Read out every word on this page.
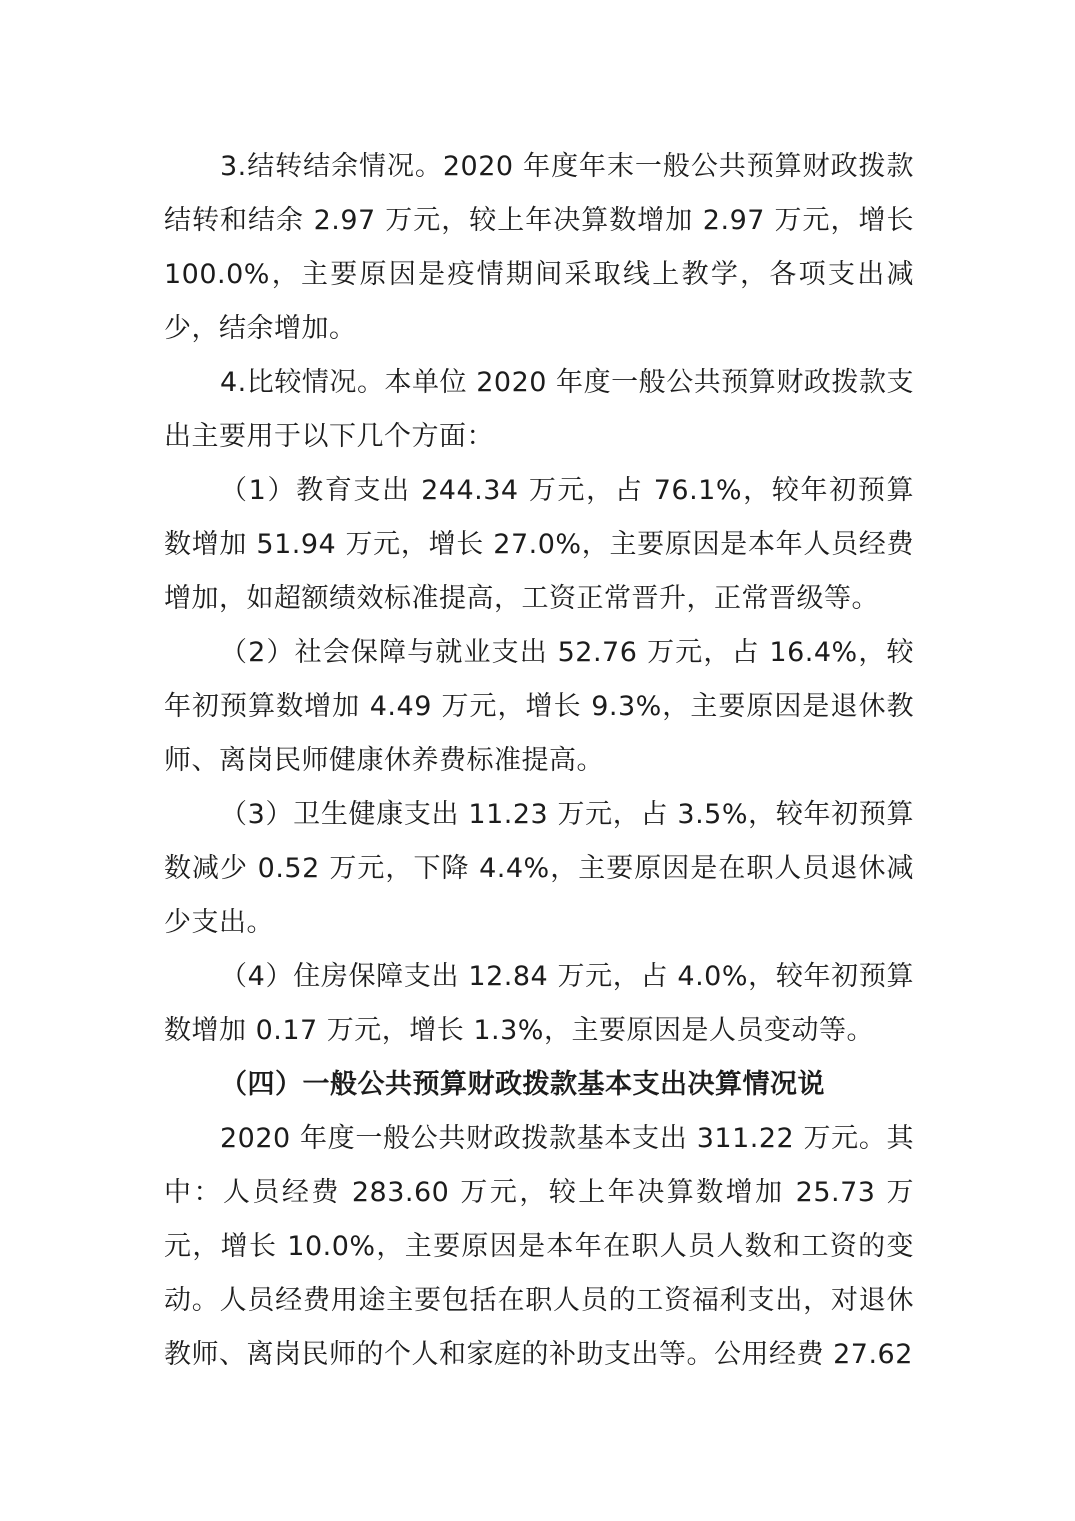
3.结转结余情况。2020 年度年末一般公共预算财政拨款结转和结余 2.97 万元，较上年决算数增加 2.97 万元，增长100.0%，主要原因是疫情期间采取线上教学，各项支出减少，结余增加。

4.比较情况。本单位 2020 年度一般公共预算财政拨款支出主要用于以下几个方面：

（1）教育支出 244.34 万元，占 76.1%，较年初预算数增加 51.94 万元，增长 27.0%，主要原因是本年人员经费增加，如超额绩效标准提高，工资正常晋升，正常晋级等。

（2）社会保障与就业支出 52.76 万元，占 16.4%，较年初预算数增加 4.49 万元，增长 9.3%，主要原因是退休教师、离岗民师健康休养费标准提高。

（3）卫生健康支出 11.23 万元，占 3.5%，较年初预算数减少 0.52 万元，下降 4.4%，主要原因是在职人员退休减少支出。

（4）住房保障支出 12.84 万元，占 4.0%，较年初预算数增加 0.17 万元，增长 1.3%，主要原因是人员变动等。

（四）一般公共预算财政拨款基本支出决算情况说

2020 年度一般公共财政拨款基本支出 311.22 万元。其中：人员经费 283.60 万元，较上年决算数增加 25.73 万元，增长 10.0%，主要原因是本年在职人员人数和工资的变动。人员经费用途主要包括在职人员的工资福利支出，对退休教师、离岗民师的个人和家庭的补助支出等。公用经费 27.62
